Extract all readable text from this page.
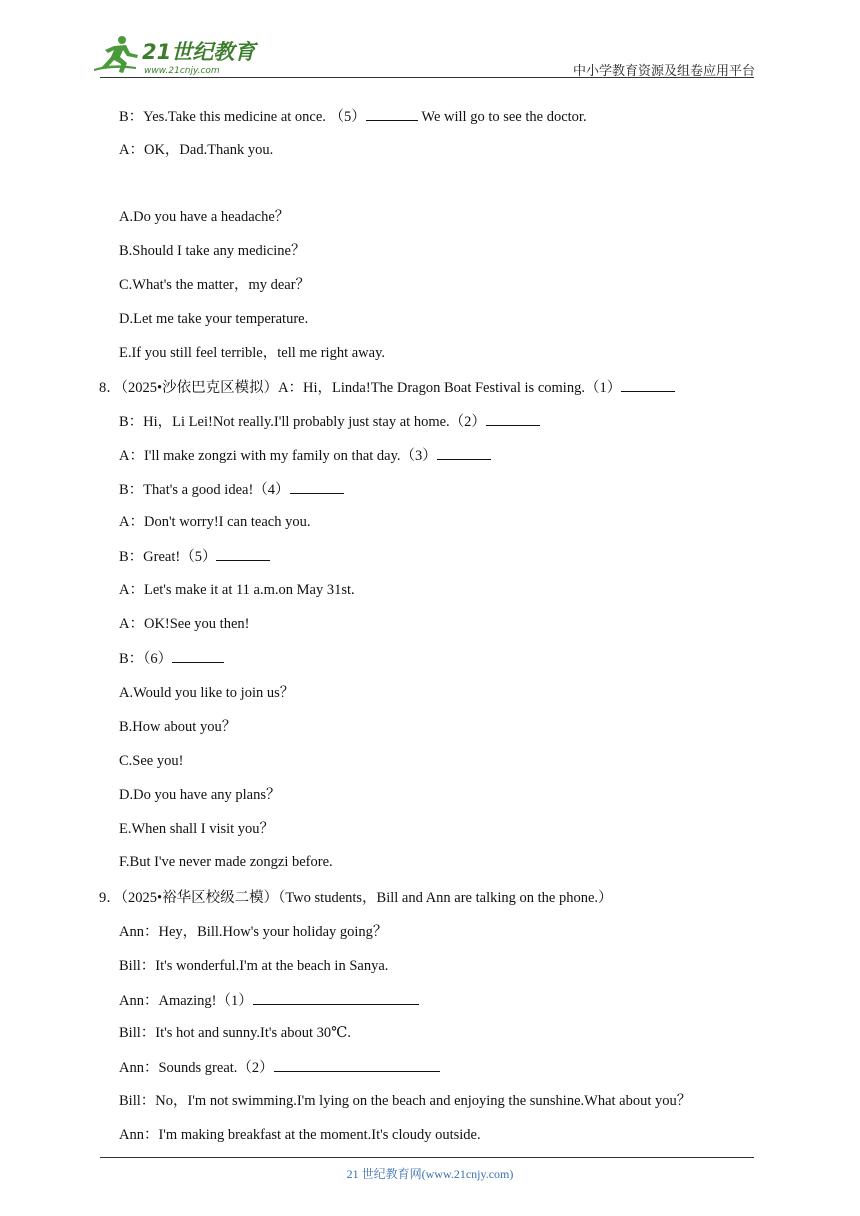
21世纪教育
www.21cnjy.com	中小学教育资源及组卷应用平台
B：Yes.Take this medicine at once. （5）	We will go to see the doctor.
A：OK，Dad.Thank you.
A.Do you have a headache？
B.Should I take any medicine？
C.What's the matter，my dear？
D.Let me take your temperature.
E.If you still feel terrible，tell me right away.
8．（2025•沙依巴克区模拟）A：Hi，Linda!The Dragon Boat Festival is coming.（1）
B：Hi，Li Lei!Not really.I'll probably just stay at home.（2）
A：I'll make zongzi with my family on that day.（3）
B：That's a good idea!（4）
A：Don't worry!I can teach you.
B：Great!（5）
A：Let's make it at 11 a.m.on May 31st.
A：OK!See you then!
B：（6）
A.Would you like to join us？
B.How about you？
C.See you!
D.Do you have any plans？
E.When shall I visit you？
F.But I've never made zongzi before.
9．（2025•裕华区校级二模）（Two students，Bill and Ann are talking on the phone.）
Ann：Hey，Bill.How's your holiday going？
Bill：It's wonderful.I'm at the beach in Sanya.
Ann：Amazing!（1）
Bill：It's hot and sunny.It's about 30℃.
Ann：Sounds great.（2）
Bill：No，I'm not swimming.I'm lying on the beach and enjoying the sunshine.What about you？
Ann：I'm making breakfast at the moment.It's cloudy outside.
21 世纪教育网(www.21cnjy.com)
